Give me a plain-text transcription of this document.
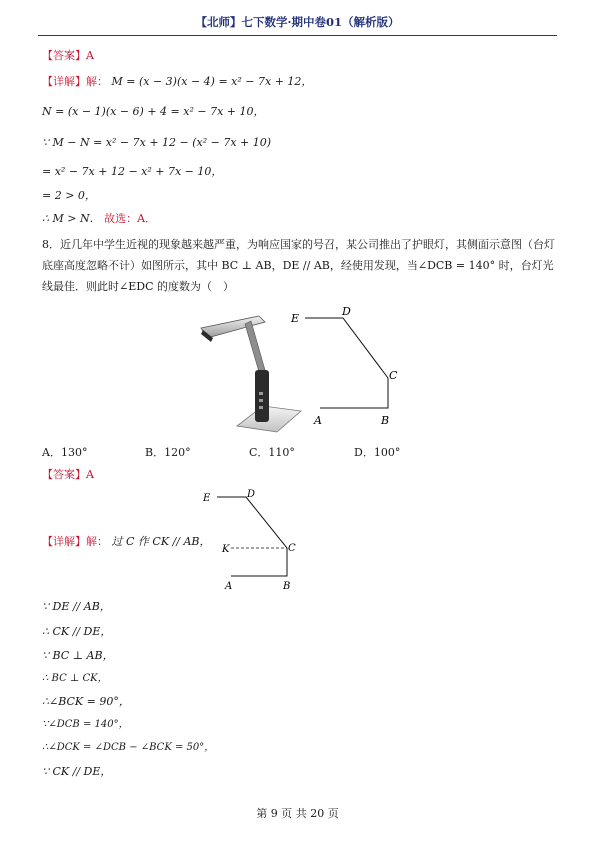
【北师】七下数学·期中卷01（解析版）
【答案】A
【详解】解： M = (x − 3)(x − 4) = x² − 7x + 12，
N = (x − 1)(x − 6) + 4 = x² − 7x + 10，
∵ M − N = x² − 7x + 12 − (x² − 7x + 10)
= x² − 7x + 12 − x² + 7x − 10，
= 2 > 0，
∴ M > N． 故选：A．
8．近几年中学生近视的现象越来越严重，为响应国家的号召，某公司推出了护眼灯，其侧面示意图（台灯底座高度忽略不计）如图所示，其中 BC ⊥ AB，DE // AB，经使用发现，当∠DCB = 140° 时，台灯光线最佳．则此时∠EDC 的度数为（　）
E
D
C
A	B
A．130°	B．120°	C．110°	D．100°
【答案】A
E	D
K	C
A	B
【详解】解： 过 C 作 CK // AB，
∵ DE // AB，
∴ CK // DE，
∵ BC ⊥ AB，
∴ BC ⊥ CK，
∴∠BCK = 90°，
∵∠DCB = 140°，
∴∠DCK = ∠DCB − ∠BCK = 50°，
∵ CK // DE，
第 9 页 共 20 页
